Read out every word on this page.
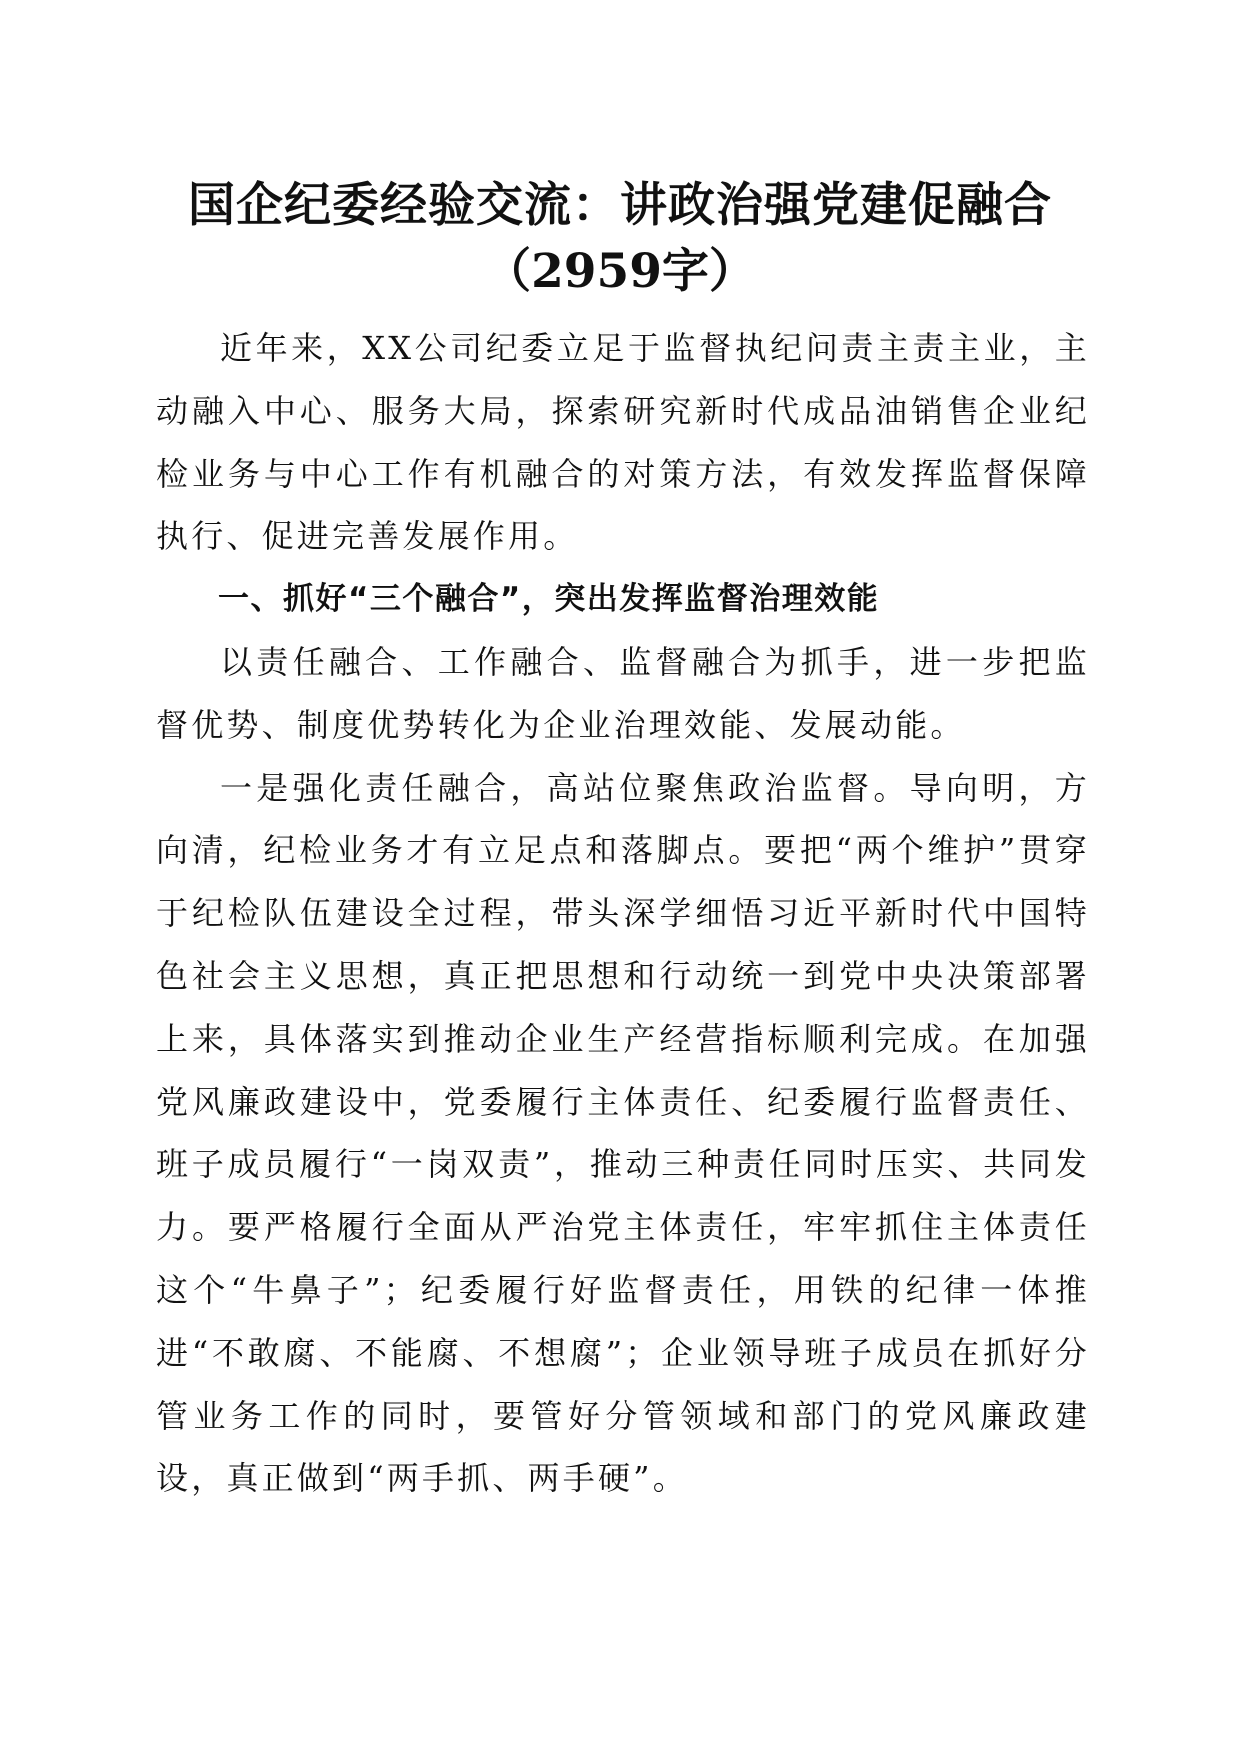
国企纪委经验交流：讲政治强党建促融合
（2959字）

近年来，XX公司纪委立足于监督执纪问责主责主业，主动融入中心、服务大局，探索研究新时代成品油销售企业纪检业务与中心工作有机融合的对策方法，有效发挥监督保障执行、促进完善发展作用。

一、抓好“三个融合”，突出发挥监督治理效能

以责任融合、工作融合、监督融合为抓手，进一步把监督优势、制度优势转化为企业治理效能、发展动能。

一是强化责任融合，高站位聚焦政治监督。导向明，方向清，纪检业务才有立足点和落脚点。要把“两个维护”贯穿于纪检队伍建设全过程，带头深学细悟习近平新时代中国特色社会主义思想，真正把思想和行动统一到党中央决策部署上来，具体落实到推动企业生产经营指标顺利完成。在加强党风廉政建设中，党委履行主体责任、纪委履行监督责任、班子成员履行“一岗双责”，推动三种责任同时压实、共同发力。要严格履行全面从严治党主体责任，牢牢抓住主体责任这个“牛鼻子”；纪委履行好监督责任，用铁的纪律一体推进“不敢腐、不能腐、不想腐”；企业领导班子成员在抓好分管业务工作的同时，要管好分管领域和部门的党风廉政建设，真正做到“两手抓、两手硬”。
